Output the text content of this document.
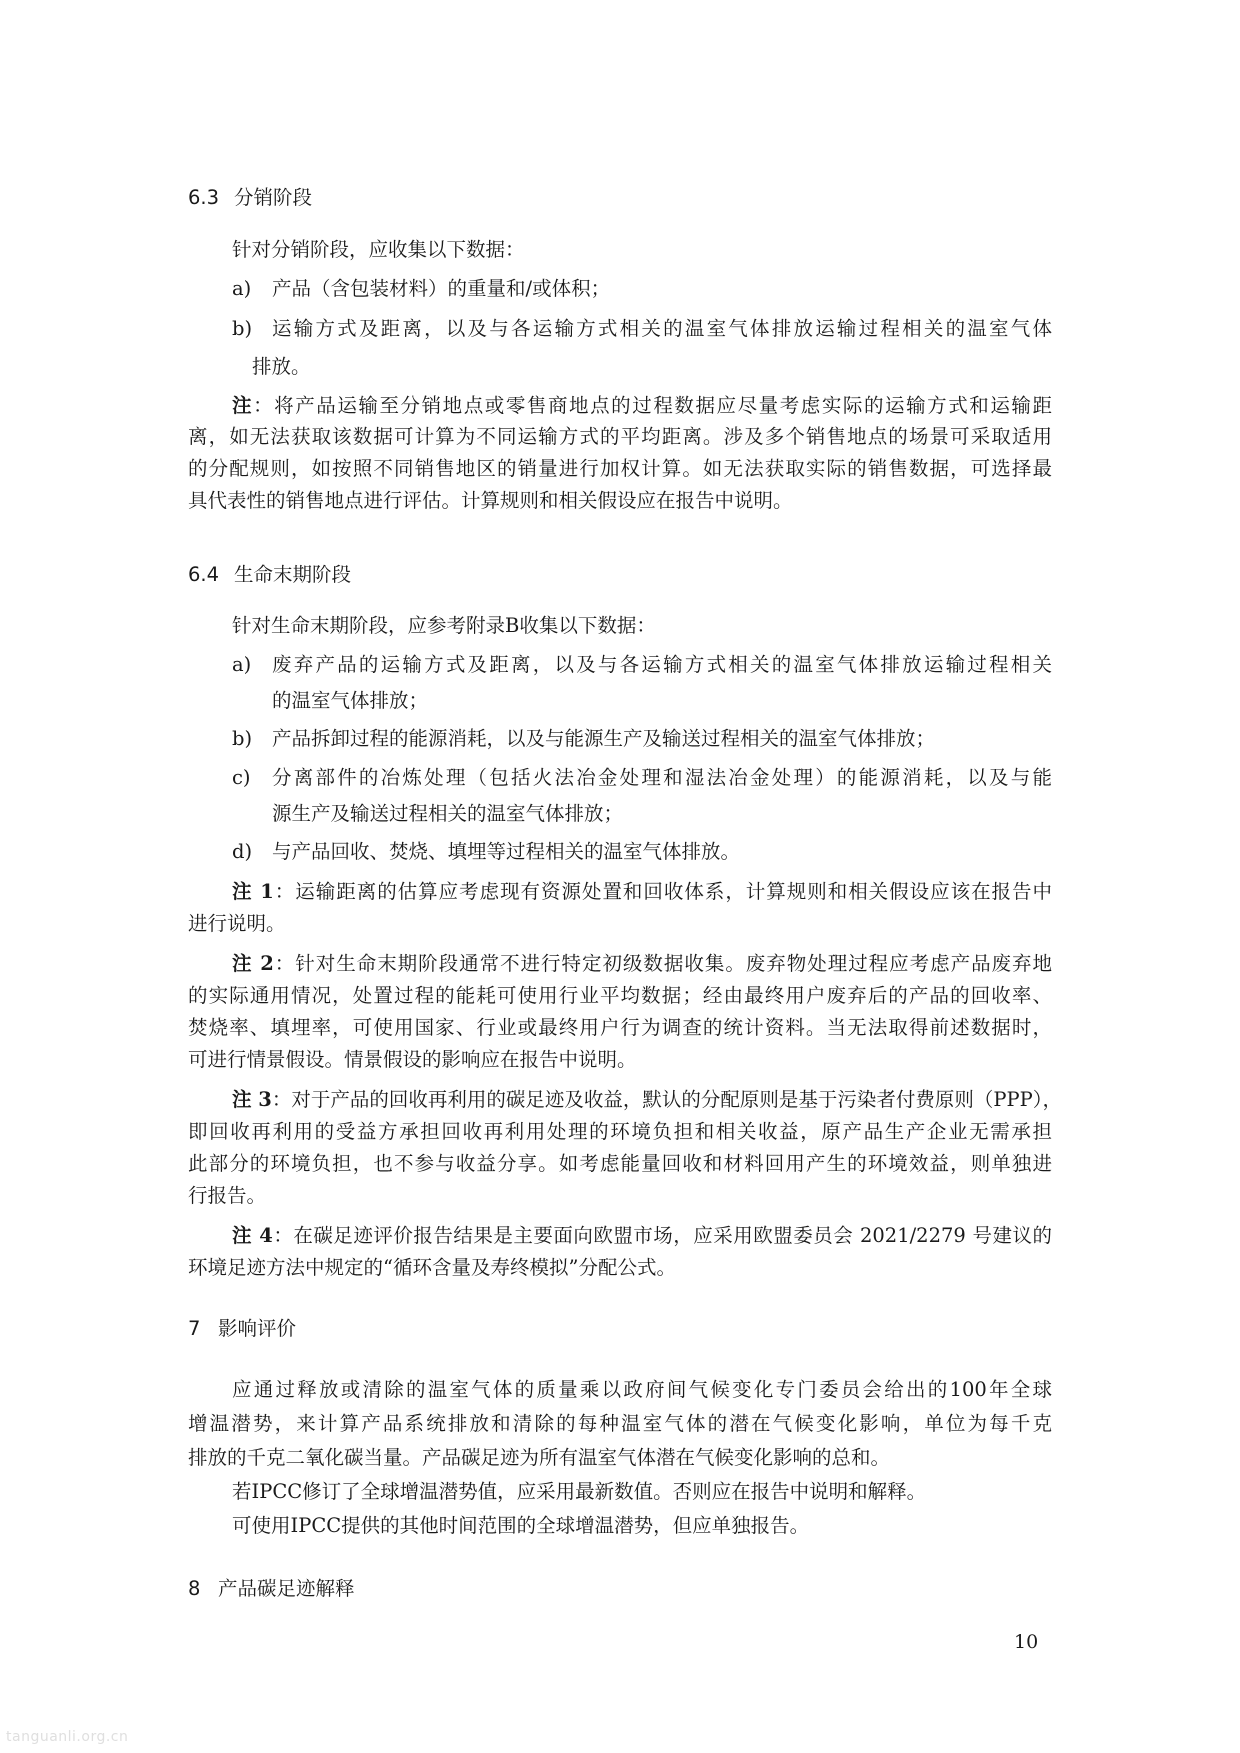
6.3 分销阶段
针对分销阶段，应收集以下数据：
a) 产品（含包装材料）的重量和/或体积；
b) 运输方式及距离，以及与各运输方式相关的温室气体排放运输过程相关的温室气体
排放。
注：将产品运输至分销地点或零售商地点的过程数据应尽量考虑实际的运输方式和运输距
离，如无法获取该数据可计算为不同运输方式的平均距离。涉及多个销售地点的场景可采取适用
的分配规则，如按照不同销售地区的销量进行加权计算。如无法获取实际的销售数据，可选择最
具代表性的销售地点进行评估。计算规则和相关假设应在报告中说明。
6.4 生命末期阶段
针对生命末期阶段，应参考附录B收集以下数据：
a) 废弃产品的运输方式及距离，以及与各运输方式相关的温室气体排放运输过程相关
的温室气体排放；
b) 产品拆卸过程的能源消耗，以及与能源生产及输送过程相关的温室气体排放；
c) 分离部件的冶炼处理（包括火法冶金处理和湿法冶金处理）的能源消耗，以及与能
源生产及输送过程相关的温室气体排放；
d) 与产品回收、焚烧、填埋等过程相关的温室气体排放。
注 1：运输距离的估算应考虑现有资源处置和回收体系，计算规则和相关假设应该在报告中
进行说明。
注 2：针对生命末期阶段通常不进行特定初级数据收集。废弃物处理过程应考虑产品废弃地
的实际通用情况，处置过程的能耗可使用行业平均数据；经由最终用户废弃后的产品的回收率、
焚烧率、填埋率，可使用国家、行业或最终用户行为调查的统计资料。当无法取得前述数据时，
可进行情景假设。情景假设的影响应在报告中说明。
注 3：对于产品的回收再利用的碳足迹及收益，默认的分配原则是基于污染者付费原则（PPP），
即回收再利用的受益方承担回收再利用处理的环境负担和相关收益，原产品生产企业无需承担
此部分的环境负担，也不参与收益分享。如考虑能量回收和材料回用产生的环境效益，则单独进
行报告。
注 4：在碳足迹评价报告结果是主要面向欧盟市场，应采用欧盟委员会 2021/2279 号建议的
环境足迹方法中规定的“循环含量及寿终模拟”分配公式。
7 影响评价
应通过释放或清除的温室气体的质量乘以政府间气候变化专门委员会给出的100年全球
增温潜势，来计算产品系统排放和清除的每种温室气体的潜在气候变化影响，单位为每千克
排放的千克二氧化碳当量。产品碳足迹为所有温室气体潜在气候变化影响的总和。
若IPCC修订了全球增温潜势值，应采用最新数值。否则应在报告中说明和解释。
可使用IPCC提供的其他时间范围的全球增温潜势，但应单独报告。
8 产品碳足迹解释
10
tanguanli.org.cn
